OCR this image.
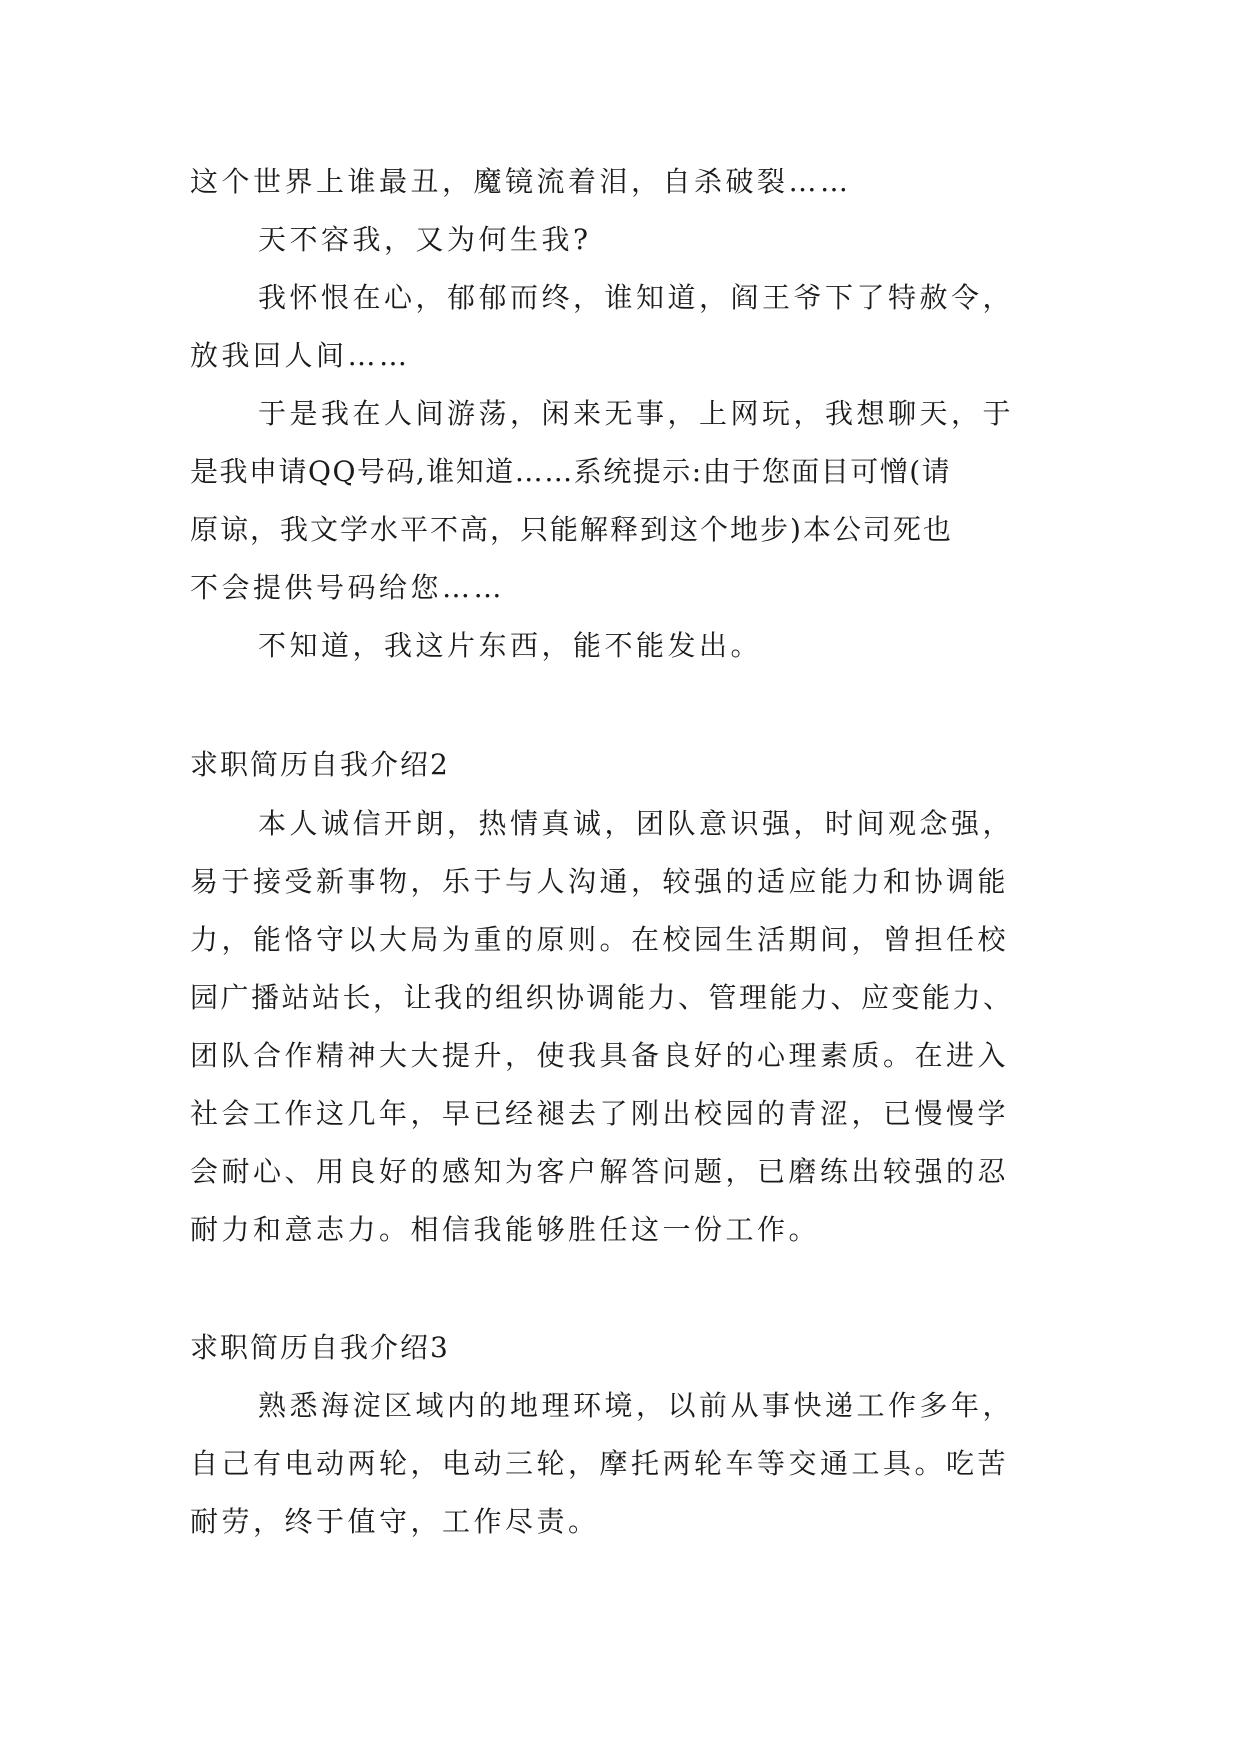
这个世界上谁最丑，魔镜流着泪，自杀破裂……

天不容我，又为何生我?

我怀恨在心，郁郁而终，谁知道，阎王爷下了特赦令，

放我回人间……

于是我在人间游荡，闲来无事，上网玩，我想聊天，于

是我申请QQ号码,谁知道……系统提示:由于您面目可憎(请

原谅，我文学水平不高，只能解释到这个地步)本公司死也

不会提供号码给您……

不知道，我这片东西，能不能发出。

求职简历自我介绍2

本人诚信开朗，热情真诚，团队意识强，时间观念强，

易于接受新事物，乐于与人沟通，较强的适应能力和协调能

力，能恪守以大局为重的原则。在校园生活期间，曾担任校

园广播站站长，让我的组织协调能力、管理能力、应变能力、

团队合作精神大大提升，使我具备良好的心理素质。在进入

社会工作这几年，早已经褪去了刚出校园的青涩，已慢慢学

会耐心、用良好的感知为客户解答问题，已磨练出较强的忍

耐力和意志力。相信我能够胜任这一份工作。

求职简历自我介绍3

熟悉海淀区域内的地理环境，以前从事快递工作多年，

自己有电动两轮，电动三轮，摩托两轮车等交通工具。吃苦

耐劳，终于值守，工作尽责。
